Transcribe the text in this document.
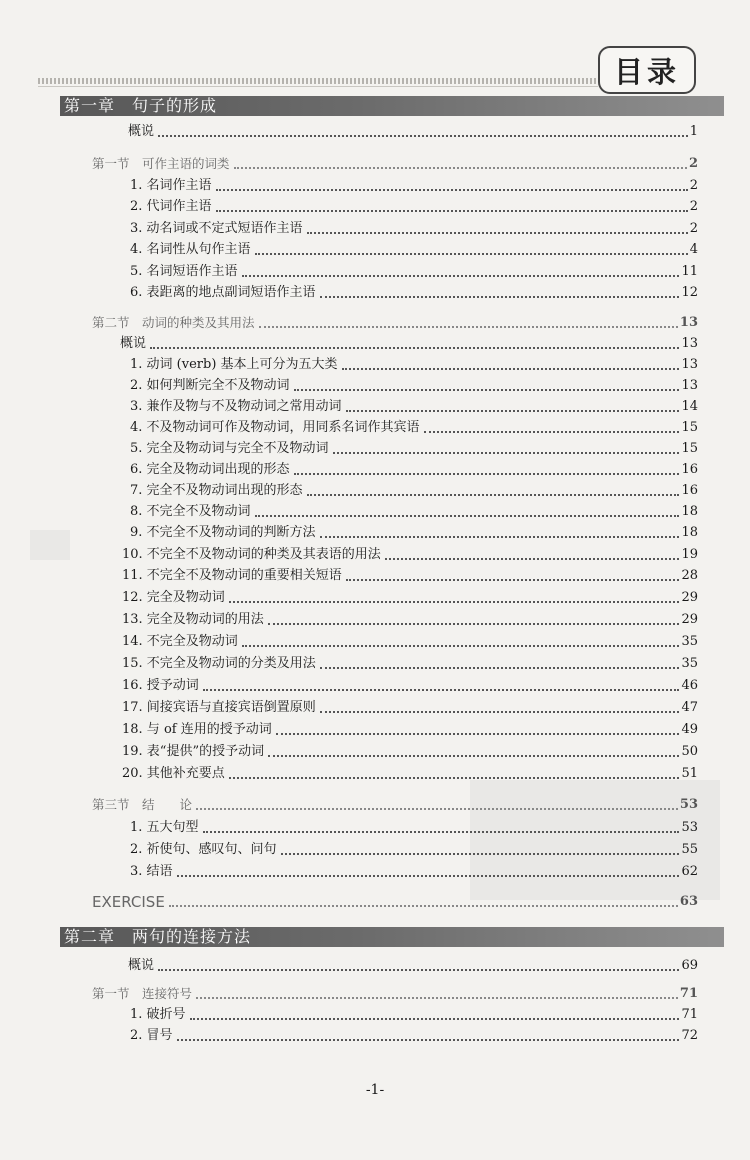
目录
第一章　句子的形成
概说	1
第一节　可作主语的词类	2
1. 名词作主语	2
2. 代词作主语	2
3. 动名词或不定式短语作主语	2
4. 名词性从句作主语	4
5. 名词短语作主语	11
6. 表距离的地点副词短语作主语	12
第二节　动词的种类及其用法	13
概说	13
1. 动词 (verb) 基本上可分为五大类	13
2. 如何判断完全不及物动词	13
3. 兼作及物与不及物动词之常用动词	14
4. 不及物动词可作及物动词，用同系名词作其宾语	15
5. 完全及物动词与完全不及物动词	15
6. 完全及物动词出现的形态	16
7. 完全不及物动词出现的形态	16
8. 不完全不及物动词	18
9. 不完全不及物动词的判断方法	18
10. 不完全不及物动词的种类及其表语的用法	19
11. 不完全不及物动词的重要相关短语	28
12. 完全及物动词	29
13. 完全及物动词的用法	29
14. 不完全及物动词	35
15. 不完全及物动词的分类及用法	35
16. 授予动词	46
17. 间接宾语与直接宾语倒置原则	47
18. 与 of 连用的授予动词	49
19. 表“提供”的授予动词	50
20. 其他补充要点	51
第三节　结　　论	53
1. 五大句型	53
2. 祈使句、感叹句、问句	55
3. 结语	62
EXERCISE	63
第二章　两句的连接方法
概说	69
第一节　连接符号	71
1. 破折号	71
2. 冒号	72
-1-
